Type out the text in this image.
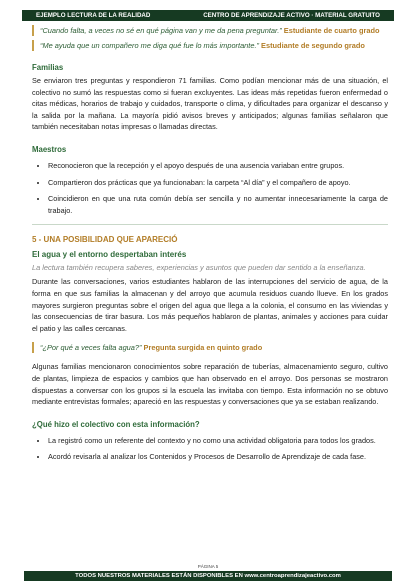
EJEMPLO LECTURA DE LA REALIDAD	CENTRO DE APRENDIZAJE ACTIVO · MATERIAL GRATUITO
“Cuando falta, a veces no sé en qué página van y me da pena preguntar.” Estudiante de cuarto grado
“Me ayuda que un compañero me diga qué fue lo más importante.” Estudiante de segundo grado
Familias

Se enviaron tres preguntas y respondieron 71 familias. Como podían mencionar más de una situación, el colectivo no sumó las respuestas como si fueran excluyentes. Las ideas más repetidas fueron enfermedad o citas médicas, horarios de trabajo y cuidados, transporte o clima, y dificultades para organizar el descanso y la salida por la mañana. La mayoría pidió avisos breves y anticipados; algunas familias señalaron que también necesitaban notas impresas o llamadas directas.

Maestros
• Reconocieron que la recepción y el apoyo después de una ausencia variaban entre grupos.
• Compartieron dos prácticas que ya funcionaban: la carpeta “Al día” y el compañero de apoyo.
• Coincidieron en que una ruta común debía ser sencilla y no aumentar innecesariamente la carga de trabajo.
5 - UNA POSIBILIDAD QUE APARECIÓ
El agua y el entorno despertaban interés
La lectura también recupera saberes, experiencias y asuntos que pueden dar sentido a la enseñanza.

Durante las conversaciones, varios estudiantes hablaron de las interrupciones del servicio de agua, de la forma en que sus familias la almacenan y del arroyo que acumula residuos cuando llueve. En los grados mayores surgieron preguntas sobre el origen del agua que llega a la colonia, el consumo en las viviendas y las consecuencias de tirar basura. Los más pequeños hablaron de plantas, animales y acciones para cuidar el patio y las calles cercanas.

“¿Por qué a veces falta agua?” Pregunta surgida en quinto grado

Algunas familias mencionaron conocimientos sobre reparación de tuberías, almacenamiento seguro, cultivo de plantas, limpieza de espacios y cambios que han observado en el arroyo. Dos personas se mostraron dispuestas a conversar con los grupos si la escuela las invitaba con tiempo. Esta información no se obtuvo mediante entrevistas formales; apareció en las respuestas y conversaciones que ya se estaban realizando.

¿Qué hizo el colectivo con esta información?
• La registró como un referente del contexto y no como una actividad obligatoria para todos los grados.
• Acordó revisarla al analizar los Contenidos y Procesos de Desarrollo de Aprendizaje de cada fase.
PÁGINA 5
TODOS NUESTROS MATERIALES ESTÁN DISPONIBLES EN
www.centroaprendizajeactivo.com
